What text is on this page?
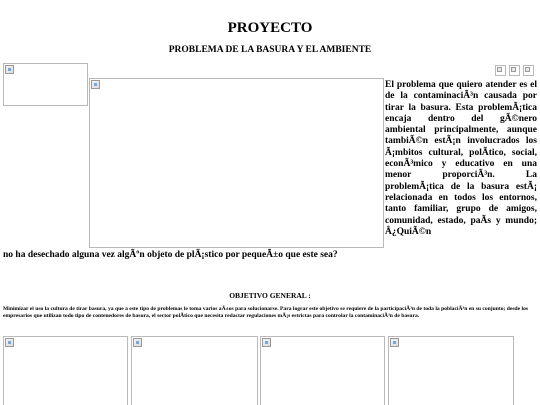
PROYECTO
PROBLEMA DE LA BASURA Y EL AMBIENTE
El problema que quiero atender es el de la contaminaciÃ³n causada por tirar la basura. Esta problemÃ¡tica encaja dentro del gÃ©nero ambiental principalmente, aunque tambiÃ©n estÃ¡n involucrados los Ã¡mbitos cultural, polÃtico, social, econÃ³mico y educativo en una menor proporciÃ³n. La problemÃ¡tica de la basura estÃ¡ relacionada en todos los entornos, tanto familiar, grupo de amigos, comunidad, estado, paÃs y mundo; Â¿QuiÃ©n
no ha desechado alguna vez algÃºn objeto de plÃ¡stico por pequeÃ±o que este sea?
OBJETIVO GENERAL :
Minimizar el uso la cultura de tirar basura, ya que a este tipo de problemas le toma varios aÃ±os para solucionarse. Para lograr este objetivo se requiere de la participaciÃ³n de toda la poblaciÃ³n en su conjunto; desde los empresarios que utilizan todo tipo de contenedores de basura, el sector polÃtico que necesita redactar regulaciones mÃ¡s estrictas para controlar la contaminaciÃ³n de basura.
